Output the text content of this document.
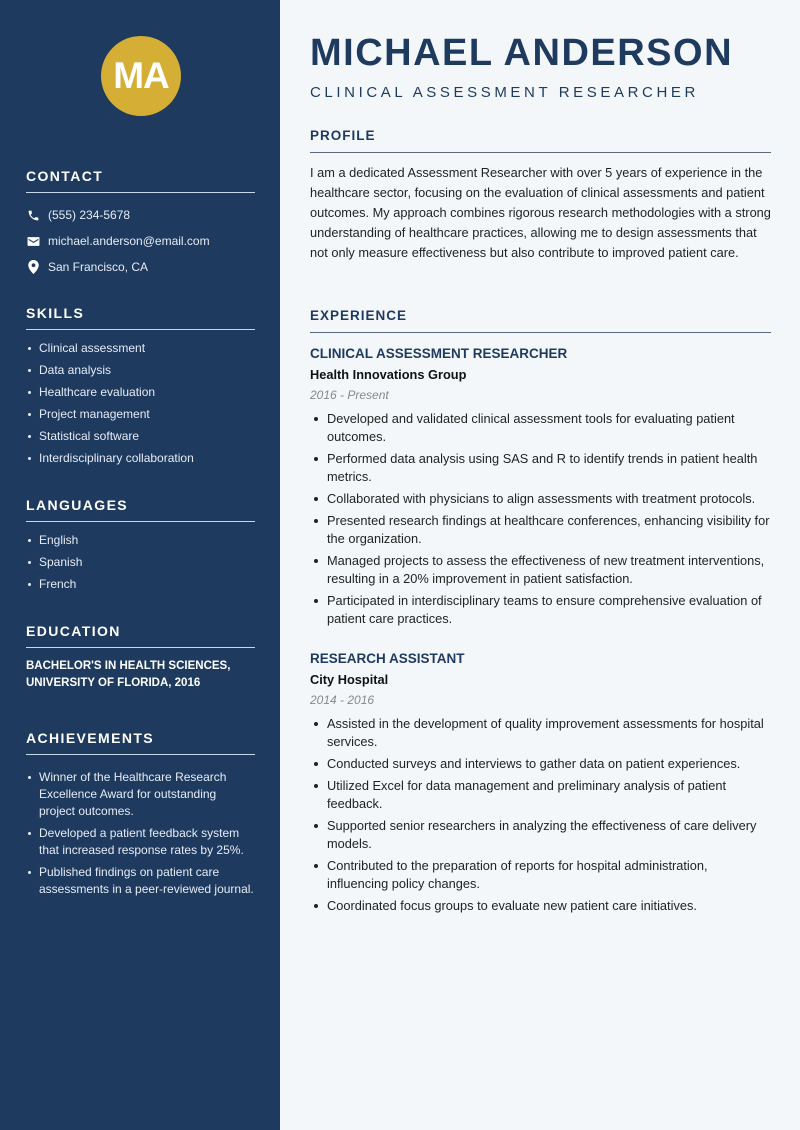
MA
CONTACT
(555) 234-5678
michael.anderson@email.com
San Francisco, CA
SKILLS
Clinical assessment
Data analysis
Healthcare evaluation
Project management
Statistical software
Interdisciplinary collaboration
LANGUAGES
English
Spanish
French
EDUCATION
BACHELOR'S IN HEALTH SCIENCES,
UNIVERSITY OF FLORIDA, 2016
ACHIEVEMENTS
Winner of the Healthcare Research Excellence Award for outstanding project outcomes.
Developed a patient feedback system that increased response rates by 25%.
Published findings on patient care assessments in a peer-reviewed journal.
MICHAEL ANDERSON
CLINICAL ASSESSMENT RESEARCHER
PROFILE

I am a dedicated Assessment Researcher with over 5 years of experience in the healthcare sector, focusing on the evaluation of clinical assessments and patient outcomes. My approach combines rigorous research methodologies with a strong understanding of healthcare practices, allowing me to design assessments that not only measure effectiveness but also contribute to improved patient care.

EXPERIENCE
CLINICAL ASSESSMENT RESEARCHER
Health Innovations Group
2016 - Present
Developed and validated clinical assessment tools for evaluating patient outcomes.
Performed data analysis using SAS and R to identify trends in patient health metrics.
Collaborated with physicians to align assessments with treatment protocols.
Presented research findings at healthcare conferences, enhancing visibility for the organization.
Managed projects to assess the effectiveness of new treatment interventions, resulting in a 20% improvement in patient satisfaction.
Participated in interdisciplinary teams to ensure comprehensive evaluation of patient care practices.
RESEARCH ASSISTANT
City Hospital
2014 - 2016
Assisted in the development of quality improvement assessments for hospital services.
Conducted surveys and interviews to gather data on patient experiences.
Utilized Excel for data management and preliminary analysis of patient feedback.
Supported senior researchers in analyzing the effectiveness of care delivery models.
Contributed to the preparation of reports for hospital administration, influencing policy changes.
Coordinated focus groups to evaluate new patient care initiatives.
